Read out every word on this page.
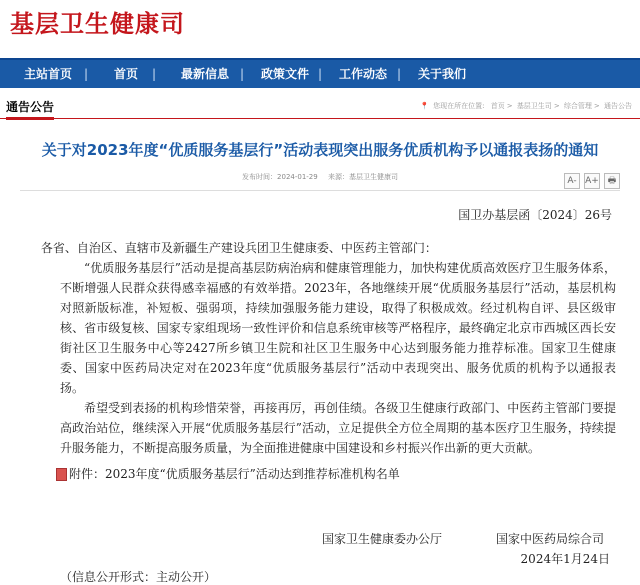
基层卫生健康司
主站首页 | 首页 | 最新信息 | 政策文件 | 工作动态 | 关于我们
通告公告	📍 您现在所在位置: 首页 > 基层卫生司 > 综合管理 > 通告公告
关于对2023年度“优质服务基层行”活动表现突出服务优质机构予以通报表扬的通知
发布时间：2024-01-29 来源：基层卫生健康司	A- A+ 🖶
国卫办基层函〔2024〕26号

各省、自治区、直辖市及新疆生产建设兵团卫生健康委、中医药主管部门：

“优质服务基层行”活动是提高基层防病治病和健康管理能力，加快构建优质高效医疗卫生服务体系，不断增强人民群众获得感幸福感的有效举措。2023年，各地继续开展“优质服务基层行”活动，基层机构对照新版标准，补短板、强弱项，持续加强服务能力建设，取得了积极成效。经过机构自评、县区级审核、省市级复核、国家专家组现场一致性评价和信息系统审核等严格程序，最终确定北京市西城区西长安街社区卫生服务中心等2427所乡镇卫生院和社区卫生服务中心达到服务能力推荐标准。国家卫生健康委、国家中医药局决定对在2023年度“优质服务基层行”活动中表现突出、服务优质的机构予以通报表扬。

希望受到表扬的机构珍惜荣誉，再接再厉，再创佳绩。各级卫生健康行政部门、中医药主管部门要提高政治站位，继续深入开展“优质服务基层行”活动，立足提供全方位全周期的基本医疗卫生服务，持续提升服务能力，不断提高服务质量，为全面推进健康中国建设和乡村振兴作出新的更大贡献。

附件：2023年度“优质服务基层行”活动达到推荐标准机构名单

国家卫生健康委办公厅	国家中医药局综合司
2024年1月24日
（信息公开形式：主动公开）
